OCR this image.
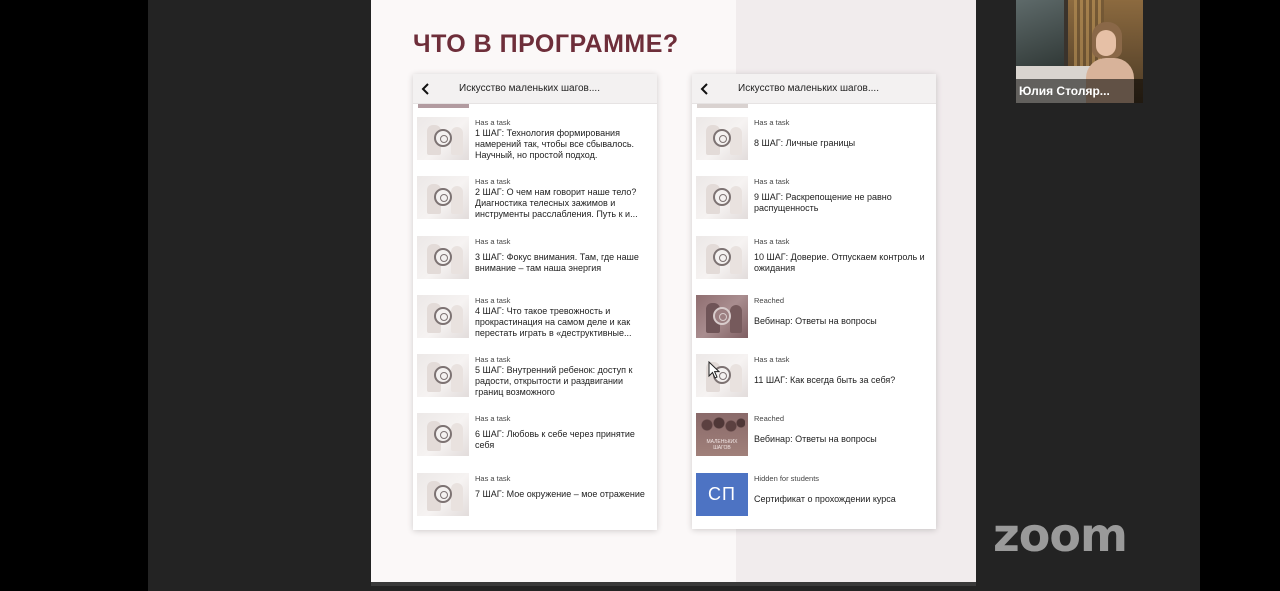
ЧТО В ПРОГРАММЕ?
Искусство маленьких шагов....
Has a task
1 ШАГ: Технология формирования намерений так, чтобы все сбывалось. Научный, но простой подход.
Has a task
2 ШАГ: О чем нам говорит наше тело? Диагностика телесных зажимов и инструменты расслабления. Путь к и...
Has a task
3 ШАГ: Фокус внимания. Там, где наше внимание – там наша энергия
Has a task
4 ШАГ: Что такое тревожность и прокрастинация на самом деле и как перестать играть в «деструктивные...
Has a task
5 ШАГ: Внутренний ребенок: доступ к радости, открытости и раздвигании границ возможного
Has a task
6 ШАГ: Любовь к себе через принятие себя
Has a task
7 ШАГ: Мое окружение – мое отражение
Искусство маленьких шагов....
Has a task
8 ШАГ: Личные границы
Has a task
9 ШАГ: Раскрепощение не равно распущенность
Has a task
10 ШАГ: Доверие. Отпускаем контроль и ожидания
Reached
Вебинар: Ответы на вопросы
Has a task
11 ШАГ: Как всегда быть за себя?
МАЛЕНЬКИХ ШАГОВ
Reached
Вебинар: Ответы на вопросы
СП
Hidden for students
Сертификат о прохождении курса
Юлия Столяр...
zoom
